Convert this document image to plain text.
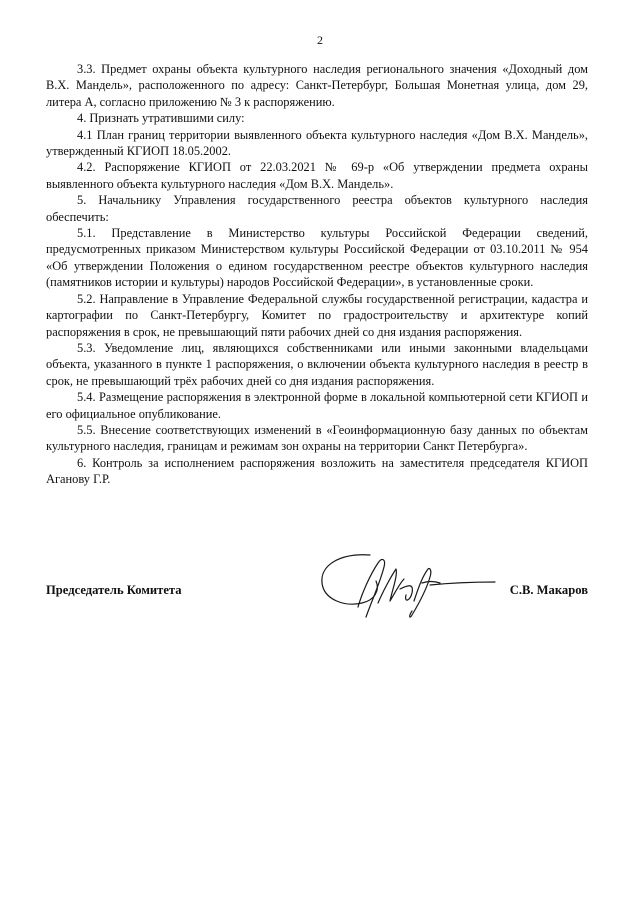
2

3.3. Предмет охраны объекта культурного наследия регионального значения «Доходный дом В.Х. Мандель», расположенного по адресу: Санкт-Петербург, Большая Монетная улица, дом 29, литера А, согласно приложению № 3 к распоряжению.

4. Признать утратившими силу:

4.1 План границ территории выявленного объекта культурного наследия «Дом В.Х. Мандель», утвержденный КГИОП 18.05.2002.

4.2. Распоряжение КГИОП от 22.03.2021 № 69-р «Об утверждении предмета охраны выявленного объекта культурного наследия «Дом В.Х. Мандель».

5. Начальнику Управления государственного реестра объектов культурного наследия обеспечить:

5.1. Представление в Министерство культуры Российской Федерации сведений, предусмотренных приказом Министерством культуры Российской Федерации от 03.10.2011 № 954 «Об утверждении Положения о едином государственном реестре объектов культурного наследия (памятников истории и культуры) народов Российской Федерации», в установленные сроки.

5.2. Направление в Управление Федеральной службы государственной регистрации, кадастра и картографии по Санкт-Петербургу, Комитет по градостроительству и архитектуре копий распоряжения в срок, не превышающий пяти рабочих дней со дня издания распоряжения.

5.3. Уведомление лиц, являющихся собственниками или иными законными владельцами объекта, указанного в пункте 1 распоряжения, о включении объекта культурного наследия в реестр в срок, не превышающий трёх рабочих дней со дня издания распоряжения.

5.4. Размещение распоряжения в электронной форме в локальной компьютерной сети КГИОП и его официальное опубликование.

5.5. Внесение соответствующих изменений в «Геоинформационную базу данных по объектам культурного наследия, границам и режимам зон охраны на территории Санкт Петербурга».

6. Контроль за исполнением распоряжения возложить на заместителя председателя КГИОП Аганову Г.Р.

Председатель Комитета	С.В. Макаров
